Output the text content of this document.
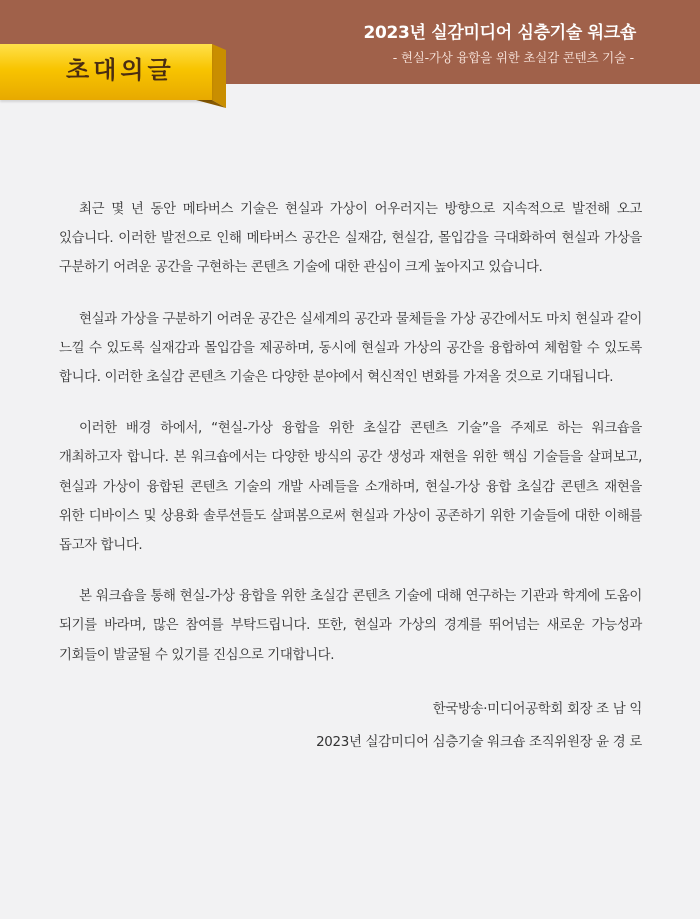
2023년 실감미디어 심층기술 워크숍
- 현실-가상 융합을 위한 초실감 콘텐츠 기술 -
초대의글

최근 몇 년 동안 메타버스 기술은 현실과 가상이 어우러지는 방향으로 지속적으로 발전해 오고 있습니다. 이러한 발전으로 인해 메타버스 공간은 실재감, 현실감, 몰입감을 극대화하여 현실과 가상을 구분하기 어려운 공간을 구현하는 콘텐츠 기술에 대한 관심이 크게 높아지고 있습니다.

현실과 가상을 구분하기 어려운 공간은 실세계의 공간과 물체들을 가상 공간에서도 마치 현실과 같이 느낄 수 있도록 실재감과 몰입감을 제공하며, 동시에 현실과 가상의 공간을 융합하여 체험할 수 있도록 합니다. 이러한 초실감 콘텐츠 기술은 다양한 분야에서 혁신적인 변화를 가져올 것으로 기대됩니다.

이러한 배경 하에서, “현실-가상 융합을 위한 초실감 콘텐츠 기술”을 주제로 하는 워크숍을 개최하고자 합니다. 본 워크숍에서는 다양한 방식의 공간 생성과 재현을 위한 핵심 기술들을 살펴보고, 현실과 가상이 융합된 콘텐츠 기술의 개발 사례들을 소개하며, 현실-가상 융합 초실감 콘텐츠 재현을 위한 디바이스 및 상용화 솔루션들도 살펴봄으로써 현실과 가상이 공존하기 위한 기술들에 대한 이해를 돕고자 합니다.

본 워크숍을 통해 현실-가상 융합을 위한 초실감 콘텐츠 기술에 대해 연구하는 기관과 학계에 도움이 되기를 바라며, 많은 참여를 부탁드립니다. 또한, 현실과 가상의 경계를 뛰어넘는 새로운 가능성과 기회들이 발굴될 수 있기를 진심으로 기대합니다.

한국방송·미디어공학회 회장 조 남 익
2023년 실감미디어 심층기술 워크숍 조직위원장 윤 경 로
